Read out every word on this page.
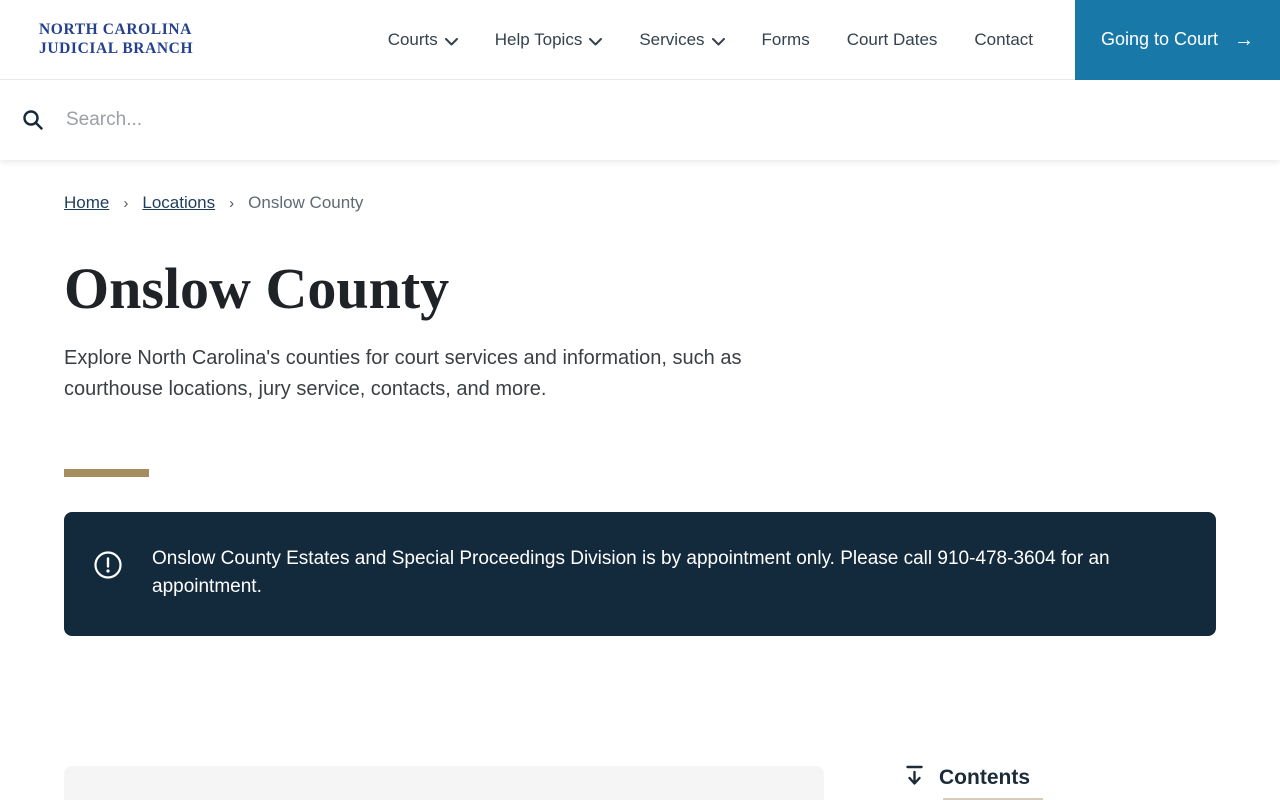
NORTH CAROLINA
JUDICIAL BRANCH	Courts	Help Topics	Services	Forms Court Dates Contact	Going to Court →
Search...
Home › Locations › Onslow County
Onslow County

Explore North Carolina's counties for court services and information, such as courthouse locations, jury service, contacts, and more.

Onslow County Estates and Special Proceedings Division is by appointment only. Please call 910-478-3604 for an appointment.
Contents
